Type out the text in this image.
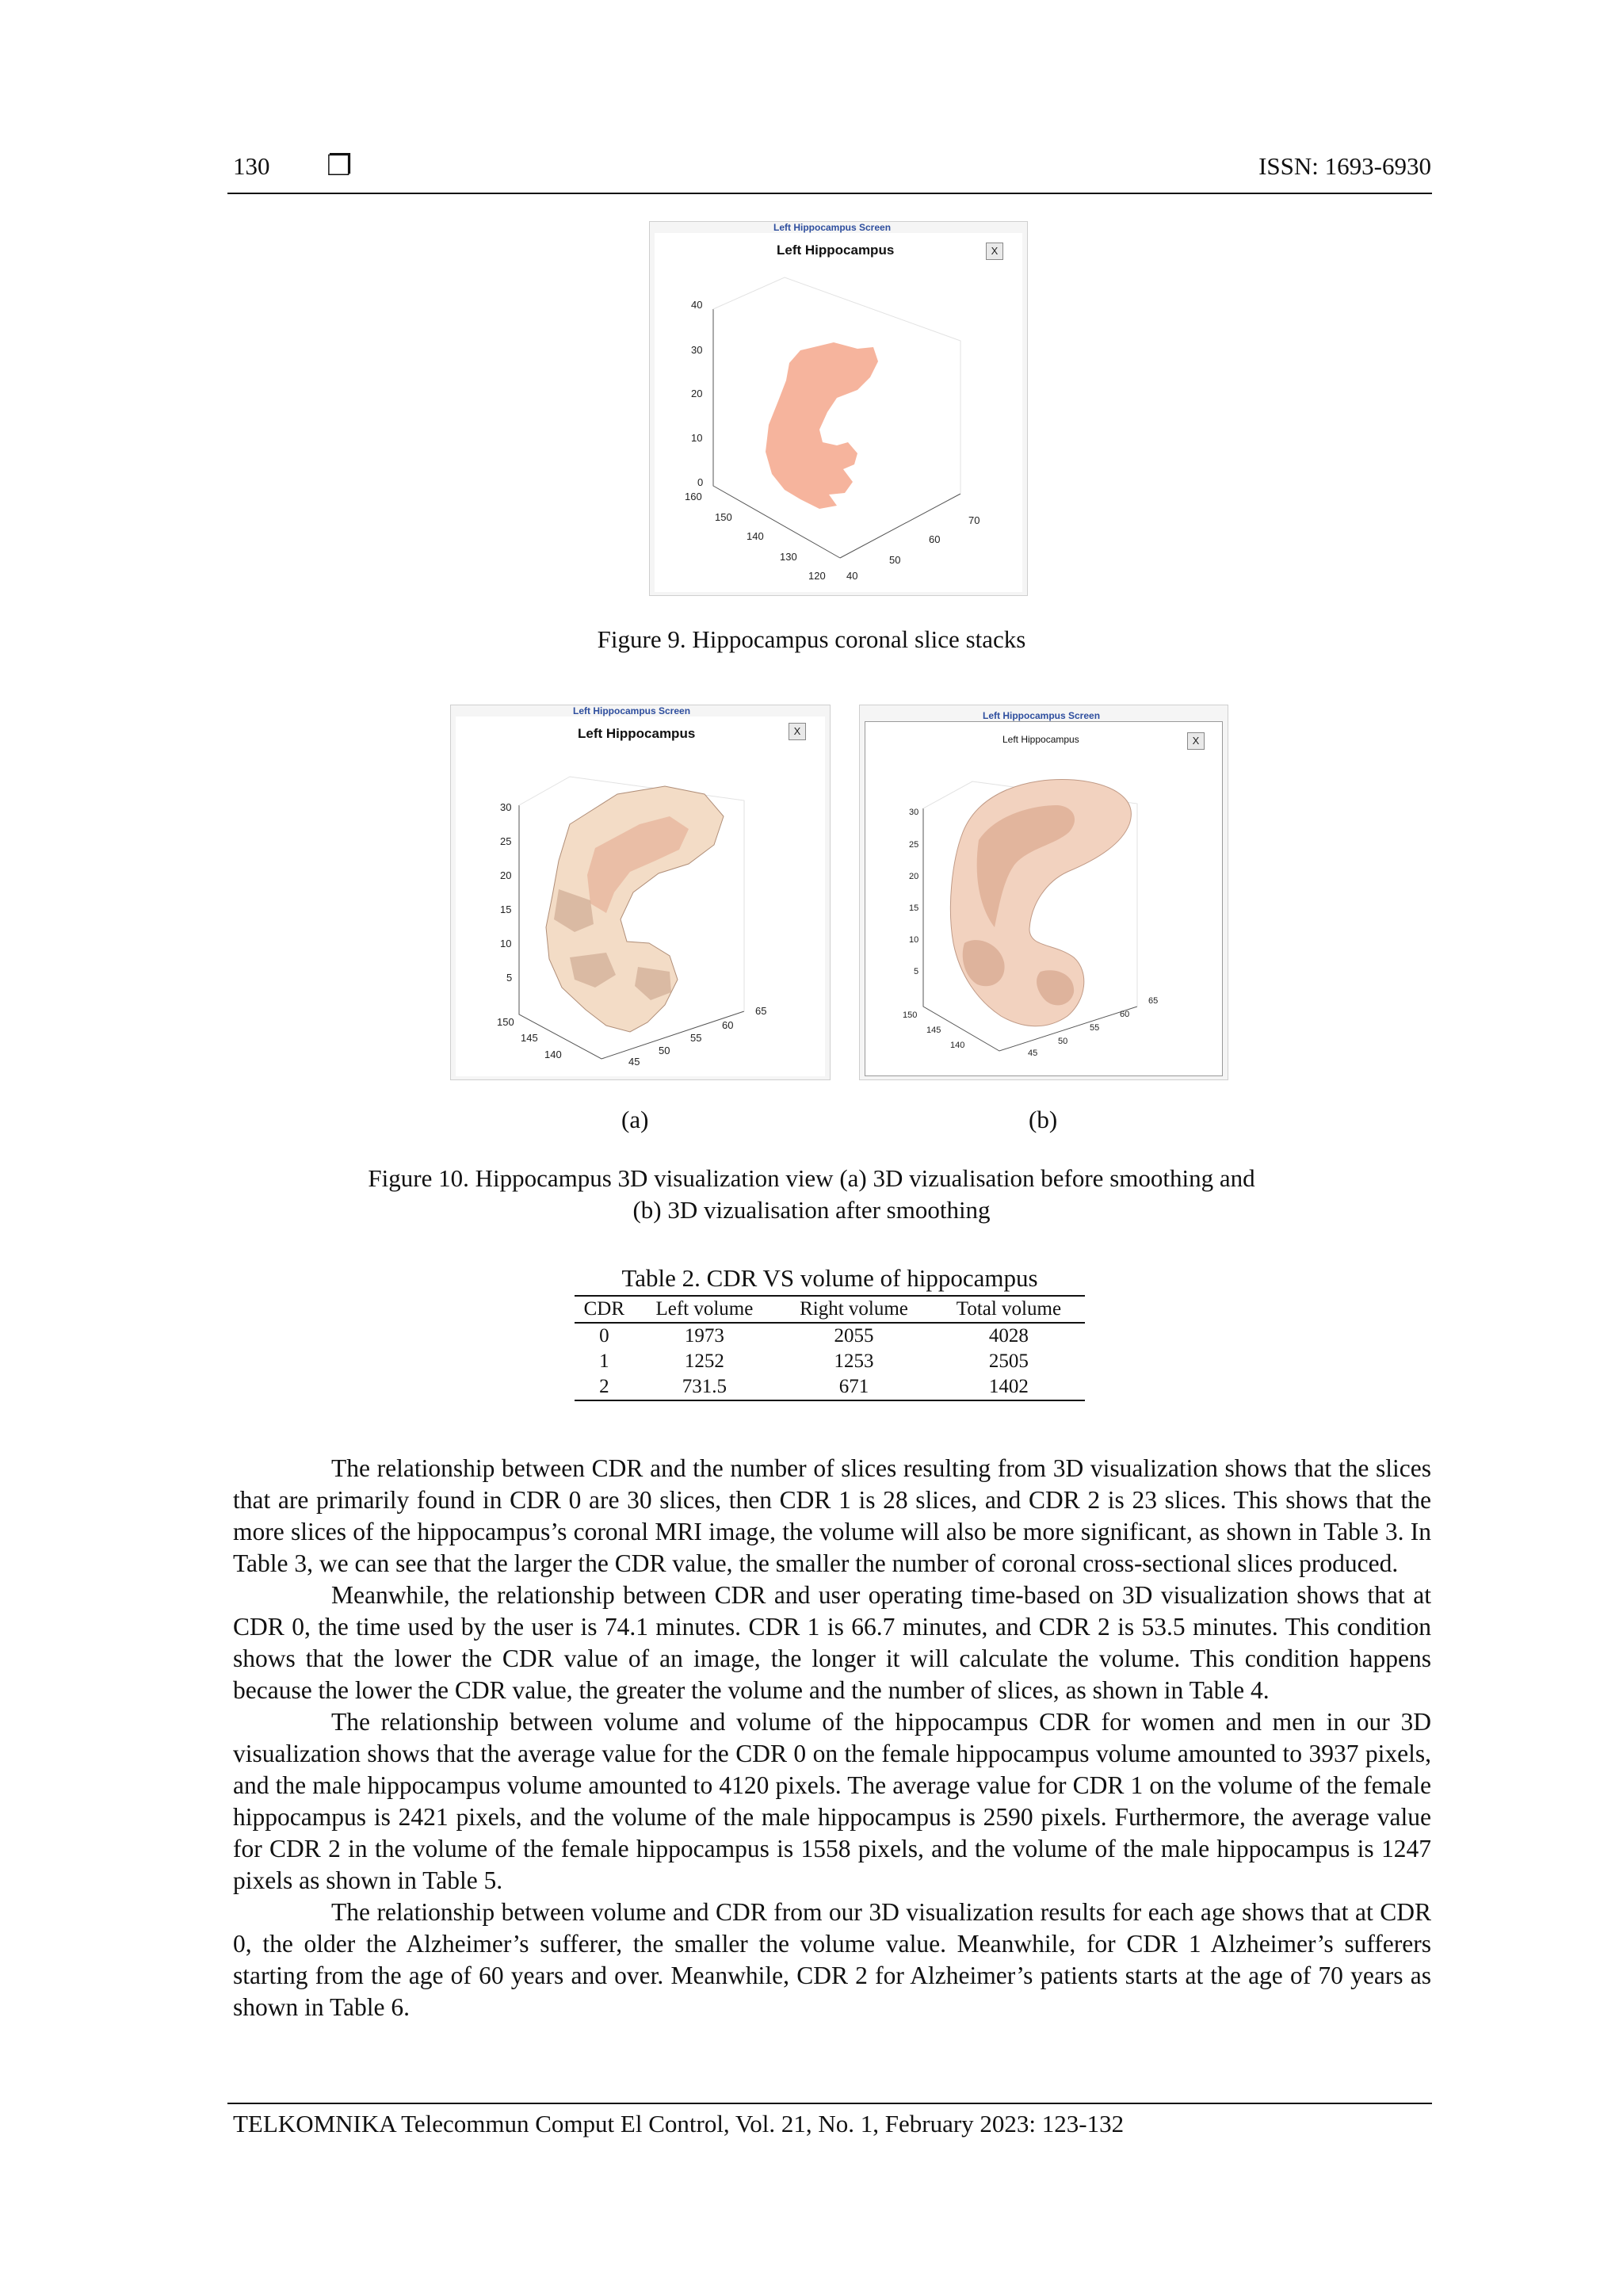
130 ❐	ISSN: 1693-6930
Left Hippocampus Screen
Left Hippocampus	X
40
30
20
10
0
160
150
140
130
120 40
50
60
70
Figure 9. Hippocampus coronal slice stacks
Left Hippocampus Screen
Left Hippocampus	X
30
25
20
15
10
5
150
145
140
45
50
55
60
65
Left Hippocampus Screen
Left Hippocampus	X
30
25
20
15
10
5
150
145
140
45
50
55
60
65
(a)	(b)
Figure 10. Hippocampus 3D visualization view (a) 3D vizualisation before smoothing and
(b) 3D vizualisation after smoothing
Table 2. CDR VS volume of hippocampus
CDR	Left volume	Right volume	Total volume
0	1973	2055	4028
1	1252	1253	2505
2	731.5	671	1402

The relationship between CDR and the number of slices resulting from 3D visualization shows that the slices that are primarily found in CDR 0 are 30 slices, then CDR 1 is 28 slices, and CDR 2 is 23 slices. This shows that the more slices of the hippocampus’s coronal MRI image, the volume will also be more significant, as shown in Table 3. In Table 3, we can see that the larger the CDR value, the smaller the number of coronal cross-sectional slices produced.

Meanwhile, the relationship between CDR and user operating time-based on 3D visualization shows that at CDR 0, the time used by the user is 74.1 minutes. CDR 1 is 66.7 minutes, and CDR 2 is 53.5 minutes. This condition shows that the lower the CDR value of an image, the longer it will calculate the volume. This condition happens because the lower the CDR value, the greater the volume and the number of slices, as shown in Table 4.

The relationship between volume and volume of the hippocampus CDR for women and men in our 3D visualization shows that the average value for the CDR 0 on the female hippocampus volume amounted to 3937 pixels, and the male hippocampus volume amounted to 4120 pixels. The average value for CDR 1 on the volume of the female hippocampus is 2421 pixels, and the volume of the male hippocampus is 2590 pixels. Furthermore, the average value for CDR 2 in the volume of the female hippocampus is 1558 pixels, and the volume of the male hippocampus is 1247 pixels as shown in Table 5.

The relationship between volume and CDR from our 3D visualization results for each age shows that at CDR 0, the older the Alzheimer’s sufferer, the smaller the volume value. Meanwhile, for CDR 1 Alzheimer’s sufferers starting from the age of 60 years and over. Meanwhile, CDR 2 for Alzheimer’s patients starts at the age of 70 years as shown in Table 6.

TELKOMNIKA Telecommun Comput El Control, Vol. 21, No. 1, February 2023: 123-132
